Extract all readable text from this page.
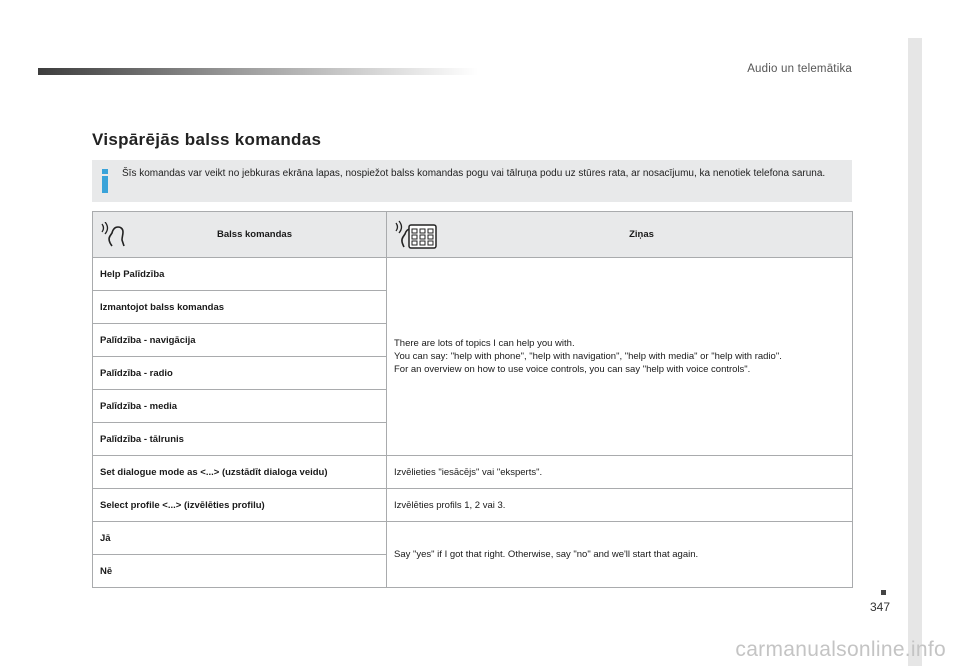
Audio un telemātika
347
Vispārējās balss komandas
Šīs komandas var veikt no jebkuras ekrāna lapas, nospiežot balss komandas pogu vai tālruņa podu uz stūres rata, ar nosacījumu, ka nenotiek telefona saruna.
Balss komandas	Ziņas

Help Palīdzība	There are lots of topics I can help you with.
You can say: "help with phone", "help with navigation", "help with media" or "help with radio".
For an overview on how to use voice controls, you can say "help with voice controls".

Izmantojot balss komandas	
Palīdzība - navigācija	
Palīdzība - radio	
Palīdzība - media	
Palīdzība - tālrunis	
Set dialogue mode as <...> (uzstādīt dialoga veidu)	Izvēlieties "iesācējs" vai "eksperts".
Select profile <...> (izvēlēties profilu)	Izvēlēties profils 1, 2 vai 3.
Jā	Say "yes" if I got that right. Otherwise, say "no" and we'll start that again.
Nē	
carmanualsonline.info
